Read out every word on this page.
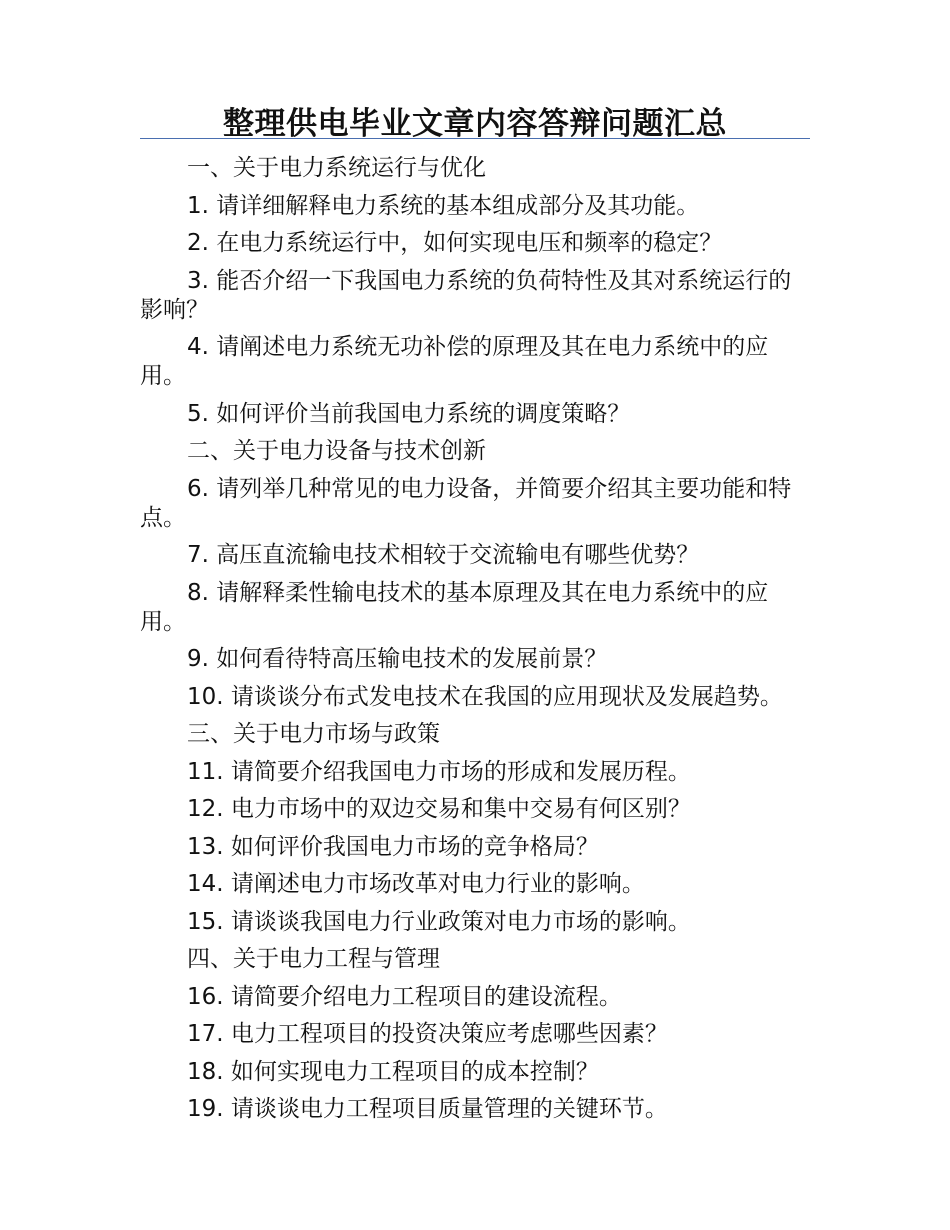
整理供电毕业文章内容答辩问题汇总

一、关于电力系统运行与优化

1. 请详细解释电力系统的基本组成部分及其功能。

2. 在电力系统运行中，如何实现电压和频率的稳定？

3. 能否介绍一下我国电力系统的负荷特性及其对系统运行的影响？

4. 请阐述电力系统无功补偿的原理及其在电力系统中的应用。

5. 如何评价当前我国电力系统的调度策略？

二、关于电力设备与技术创新

6. 请列举几种常见的电力设备，并简要介绍其主要功能和特点。

7. 高压直流输电技术相较于交流输电有哪些优势？

8. 请解释柔性输电技术的基本原理及其在电力系统中的应用。

9. 如何看待特高压输电技术的发展前景？

10. 请谈谈分布式发电技术在我国的应用现状及发展趋势。

三、关于电力市场与政策

11. 请简要介绍我国电力市场的形成和发展历程。

12. 电力市场中的双边交易和集中交易有何区别？

13. 如何评价我国电力市场的竞争格局？

14. 请阐述电力市场改革对电力行业的影响。

15. 请谈谈我国电力行业政策对电力市场的影响。

四、关于电力工程与管理

16. 请简要介绍电力工程项目的建设流程。

17. 电力工程项目的投资决策应考虑哪些因素？

18. 如何实现电力工程项目的成本控制？

19. 请谈谈电力工程项目质量管理的关键环节。
